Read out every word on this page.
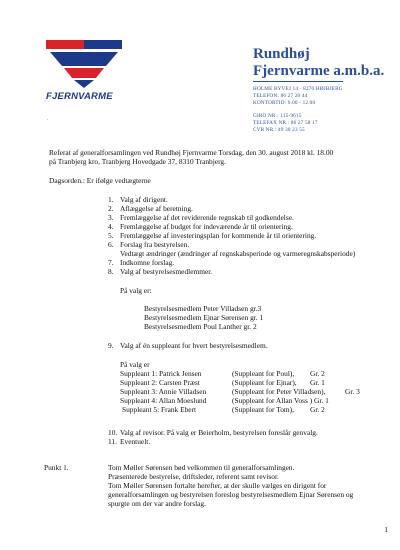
FJERNVARME
.
Rundhøj
Fjernvarme a.m.b.a.
HOLME BYVEJ 14 · 8270 HØJBJERG
TELEFON: 86 27 20 44
KONTORTID: 9.00 - 12.00
GIRO NR.: 115-9615
TELEFAX NR.: 86 27 58 17
CVR NR.: 49 30 23 55
Referat af generalforsamlingen ved Rundhøj Fjernvarme Torsdag, den 30. august 2018 kl. 18.00
på Tranbjerg kro, Tranbjerg Hovedgade 37, 8310 Tranbjerg.
Dagsorden.: Er ifølge vedtægterne
1. Valg af dirigent.
2. Aflæggelse af beretning.
3. Fremlæggelse af det reviderende regnskab til godkendelse.
4. Fremlæggelse af budget for indeværende år til orientering.
5. Fremlæggelse af investeringsplan for kommende år til orientering.
6. Forslag fra bestyrelsen.
Vedtægt ændringer (ændringer af regnskabsperiode og varmeregnskabsperiode)
7. Indkomne forslag.
8. Valg af bestyrelsesmedlemmer.
På valg er:
Bestyrelsesmedlem Peter Villadsen gr.3
Bestyrelsesmedlem Ejnar Sørensen gr. 1
Bestyrelsesmedlem Poul Lanther gr. 2
9. Valg af én suppleant for hvert bestyrelsesmedlem.
På valg er
Suppleant 1: Patrick Jensen	(Suppleant for Poul), Gr. 2
Suppleant 2: Carsten Præst	(Suppleant for Ejnar), Gr. 1
Suppleant 3: Annie Villadsen	(Suppleant for Peter Villadsen),	Gr. 3
Suppleant 4: Allan Moeslund	(Suppleant for Allan Voss ) Gr. 1
Suppleant 5: Frank Ebert	(Suppleant for Tom), Gr. 2
10. Valg af revisor. På valg er Beierholm, bestyrelsen foreslår genvalg.
11. Eventuelt.
Punkt 1.	Tom Møller Sørensen bød velkommen til generalforsamlingen.
Præsenterede bestyrelse, driftsleder, referent samt revisor.
Tom Møller Sørensen fortalte herefter, at der skulle vælges en dirigent for
generalforsamlingen og bestyrelsen foreslog bestyrelsesmedlem Ejnar Sørensen og
spurgte om der var andre forslag.
1
